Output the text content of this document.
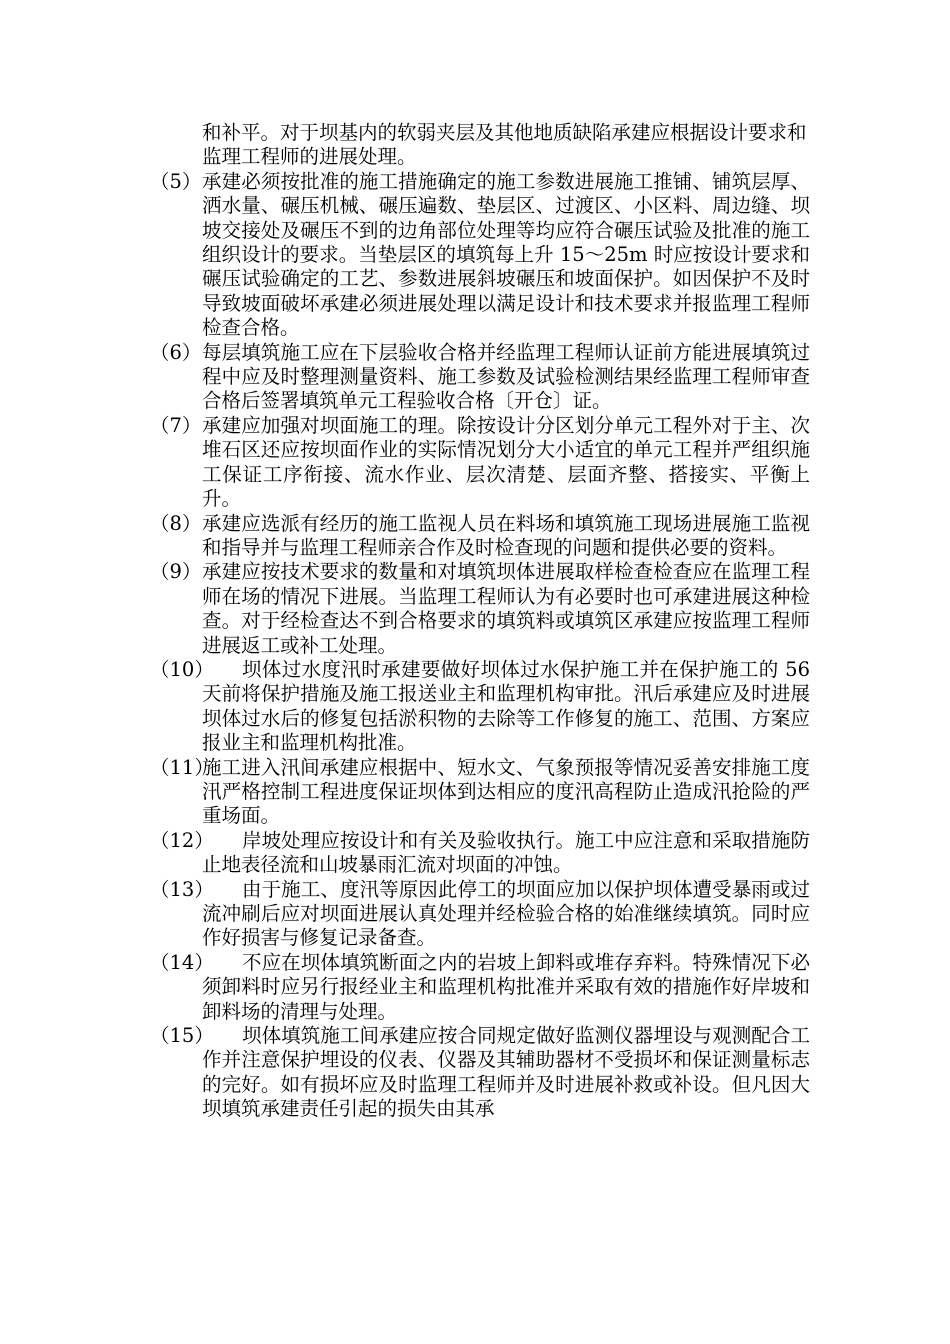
和补平。对于坝基内的软弱夹层及其他地质缺陷承建应根据设计要求和监理工程师的进展处理。

（5） 承建必须按批准的施工措施确定的施工参数进展施工推铺、铺筑层厚、洒水量、碾压机械、碾压遍数、垫层区、过渡区、小区料、周边缝、坝坡交接处及碾压不到的边角部位处理等均应符合碾压试验及批准的施工组织设计的要求。当垫层区的填筑每上升 15～25m 时应按设计要求和碾压试验确定的工艺、参数进展斜坡碾压和坡面保护。如因保护不及时导致坡面破坏承建必须进展处理以满足设计和技术要求并报监理工程师检查合格。
（6） 每层填筑施工应在下层验收合格并经监理工程师认证前方能进展填筑过程中应及时整理测量资料、施工参数及试验检测结果经监理工程师审查合格后签署填筑单元工程验收合格〔开仓〕证。
（7） 承建应加强对坝面施工的理。除按设计分区划分单元工程外对于主、次堆石区还应按坝面作业的实际情况划分大小适宜的单元工程并严组织施工保证工序衔接、流水作业、层次清楚、层面齐整、搭接实、平衡上升。
（8） 承建应选派有经历的施工监视人员在料场和填筑施工现场进展施工监视和指导并与监理工程师亲合作及时检查现的问题和提供必要的资料。
（9） 承建应按技术要求的数量和对填筑坝体进展取样检查检查应在监理工程师在场的情况下进展。当监理工程师认为有必要时也可承建进展这种检查。对于经检查达不到合格要求的填筑料或填筑区承建应按监理工程师进展返工或补工处理。
（10）	坝体过水度汛时承建要做好坝体过水保护施工并在保护施工的 56 天前将保护措施及施工报送业主和监理机构审批。汛后承建应及时进展坝体过水后的修复包括淤积物的去除等工作修复的施工、范围、方案应报业主和监理机构批准。
（11）
施工进入汛间承建应根据中、短水文、气象预报等情况妥善安排施工度汛严格控制工程进度保证坝体到达相应的度汛高程防止造成汛抢险的严重场面。
（12）	岸坡处理应按设计和有关及验收执行。施工中应注意和采取措施防止地表径流和山坡暴雨汇流对坝面的冲蚀。
（13）	由于施工、度汛等原因此停工的坝面应加以保护坝体遭受暴雨或过流冲刷后应对坝面进展认真处理并经检验合格的始准继续填筑。同时应作好损害与修复记录备查。
（14）	不应在坝体填筑断面之内的岩坡上卸料或堆存弃料。特殊情况下必须卸料时应另行报经业主和监理机构批准并采取有效的措施作好岸坡和卸料场的清理与处理。
（15）	坝体填筑施工间承建应按合同规定做好监测仪器埋设与观测配合工作并注意保护埋设的仪表、仪器及其辅助器材不受损坏和保证测量标志的完好。如有损坏应及时监理工程师并及时进展补救或补设。但凡因大坝填筑承建责任引起的损失由其承
